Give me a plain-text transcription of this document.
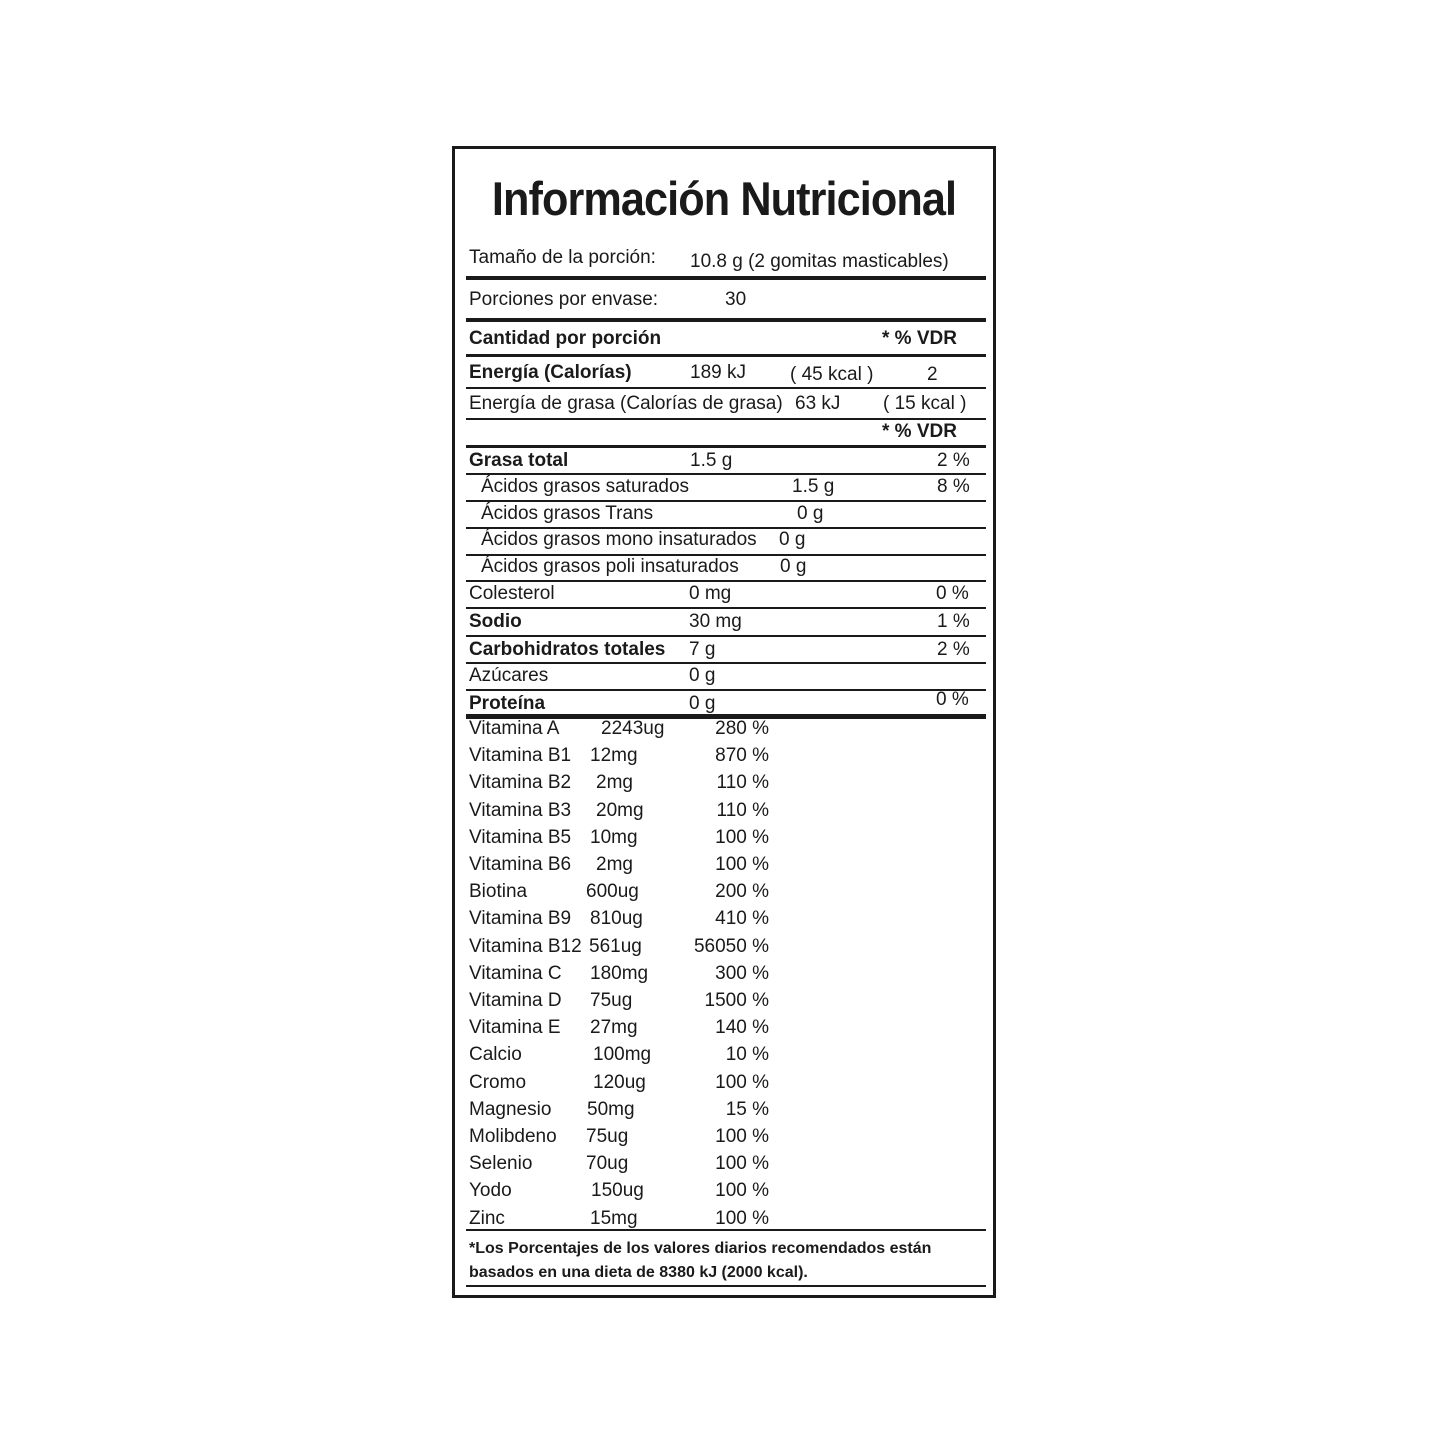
Información Nutricional
Tamaño de la porción: 10.8 g (2 gomitas masticables)
Porciones por envase:	30
Cantidad por porción	* % VDR
Energía (Calorías)	189 kJ ( 45 kcal )	2
Energía de grasa (Calorías de grasa) 63 kJ ( 15 kcal )
* % VDR
Grasa total	1.5 g	2 %
Ácidos grasos saturados	1.5 g	8 %
Ácidos grasos Trans	0 g
Ácidos grasos mono insaturados 0 g
Ácidos grasos poli insaturados 0 g
Colesterol	0 mg	0 %
Sodio	30 mg	1 %
Carbohidratos totales 7 g	2 %
Azúcares	0 g
Proteína	0 g	0 %
Vitamina A 2243ug	280 %
Vitamina B1 12mg	870 %
Vitamina B2 2mg	110 %
Vitamina B3 20mg	110 %
Vitamina B5 10mg	100 %
Vitamina B6 2mg	100 %
Biotina	600ug	200 %
Vitamina B9 810ug	410 %
Vitamina B12 561ug	56050 %
Vitamina C 180mg	300 %
Vitamina D 75ug	1500 %
Vitamina E 27mg	140 %
Calcio	100mg	10 %
Cromo	120ug	100 %
Magnesio 50mg	15 %
Molibdeno 75ug	100 %
Selenio	70ug	100 %
Yodo	150ug	100 %
Zinc	15mg	100 %
*Los Porcentajes de los valores diarios recomendados están basados en una dieta de 8380 kJ (2000 kcal).
